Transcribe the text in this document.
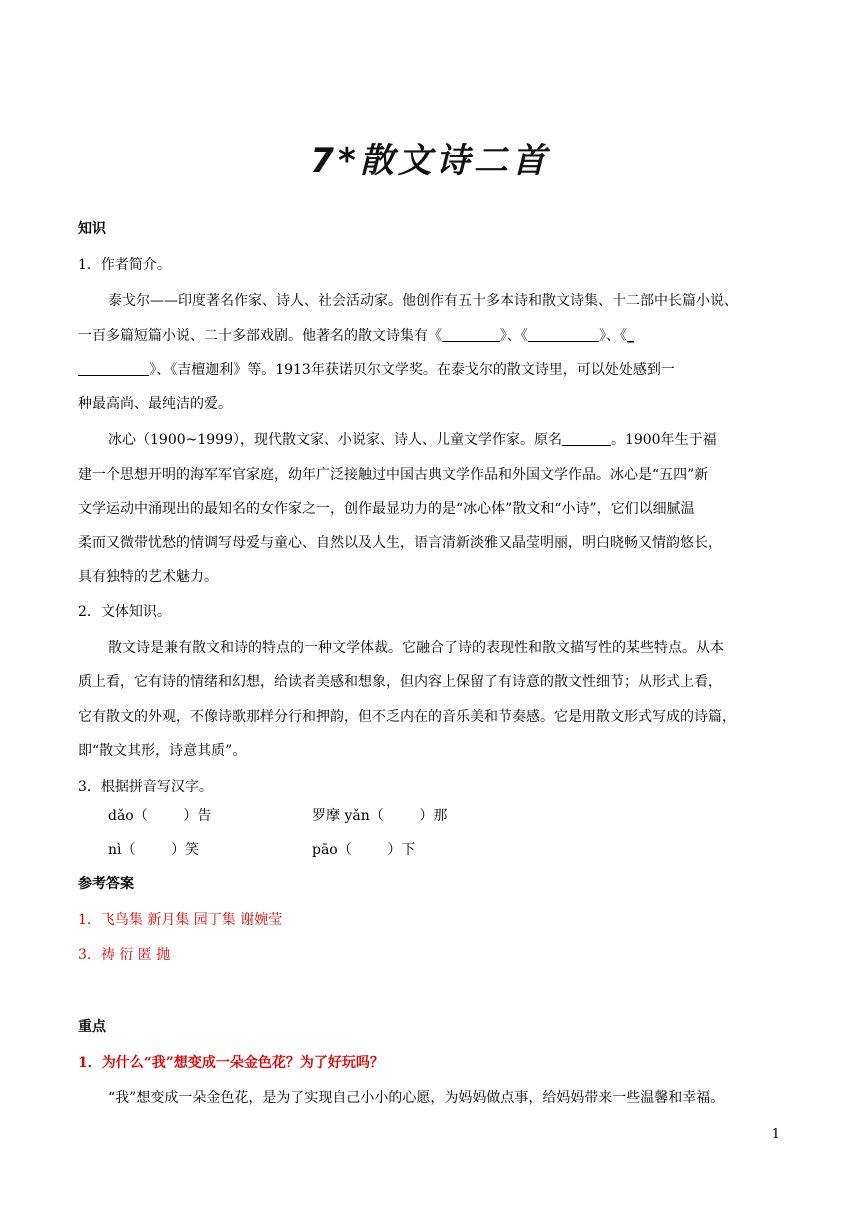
7*散文诗二首
知识
1．作者简介。
泰戈尔——印度著名作家、诗人、社会活动家。他创作有五十多本诗和散文诗集、十二部中长篇小说、
一百多篇短篇小说、二十多部戏剧。他著名的散文诗集有《	》、《	》、《_
》、《吉檀迦利》等。1913年获诺贝尔文学奖。在泰戈尔的散文诗里，可以处处感到一
种最高尚、最纯洁的爱。
冰心（1900~1999），现代散文家、小说家、诗人、儿童文学作家。原名	。1900年生于福
建一个思想开明的海军军官家庭，幼年广泛接触过中国古典文学作品和外国文学作品。冰心是“五四”新
文学运动中涌现出的最知名的女作家之一，创作最显功力的是“冰心体”散文和“小诗”，它们以细腻温
柔而又微带忧愁的情调写母爱与童心、自然以及人生，语言清新淡雅又晶莹明丽，明白晓畅又情韵悠长，
具有独特的艺术魅力。
2．文体知识。
散文诗是兼有散文和诗的特点的一种文学体裁。它融合了诗的表现性和散文描写性的某些特点。从本
质上看，它有诗的情绪和幻想，给读者美感和想象，但内容上保留了有诗意的散文性细节；从形式上看，
它有散文的外观，不像诗歌那样分行和押韵，但不乏内在的音乐美和节奏感。它是用散文形式写成的诗篇，
即“散文其形，诗意其质”。
3．根据拼音写汉字。
dǎo（        ）告	罗摩 yǎn（        ）那
nì（        ）笑	pāo（        ）下
参考答案
1．飞鸟集 新月集 园丁集 谢婉莹
3．祷 衍 匿 抛
重点
1．为什么“我”想变成一朵金色花？为了好玩吗？
“我”想变成一朵金色花，是为了实现自己小小的心愿，为妈妈做点事，给妈妈带来一些温馨和幸福。
1
